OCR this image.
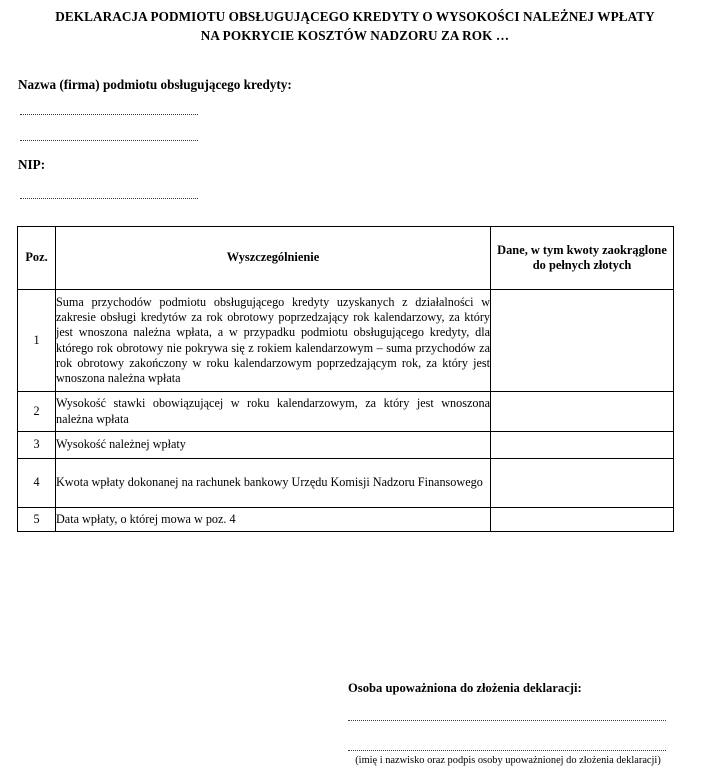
DEKLARACJA PODMIOTU OBSŁUGUJĄCEGO KREDYTY O WYSOKOŚCI NALEŻNEJ WPŁATY
NA POKRYCIE KOSZTÓW NADZORU ZA ROK …
Nazwa (firma) podmiotu obsługującego kredyty:
NIP:
Poz.	Wyszczególnienie	Dane, w tym kwoty zaokrąglone do pełnych złotych
1	Suma przychodów podmiotu obsługującego kredyty uzyskanych z działalności w zakresie obsługi kredytów za rok obrotowy poprzedzający rok kalendarzowy, za który jest wnoszona należna wpłata, a w przypadku podmiotu obsługującego kredyty, dla którego rok obrotowy nie pokrywa się z rokiem kalendarzowym – suma przychodów za rok obrotowy zakończony w roku kalendarzowym poprzedzającym rok, za który jest wnoszona należna wpłata	
2	Wysokość stawki obowiązującej w roku kalendarzowym, za który jest wnoszona należna wpłata	
3	Wysokość należnej wpłaty	
4	Kwota wpłaty dokonanej na rachunek bankowy Urzędu Komisji Nadzoru Finansowego	
5	Data wpłaty, o której mowa w poz. 4	
Osoba upoważniona do złożenia deklaracji:
(imię i nazwisko oraz podpis osoby upoważnionej do złożenia deklaracji)
